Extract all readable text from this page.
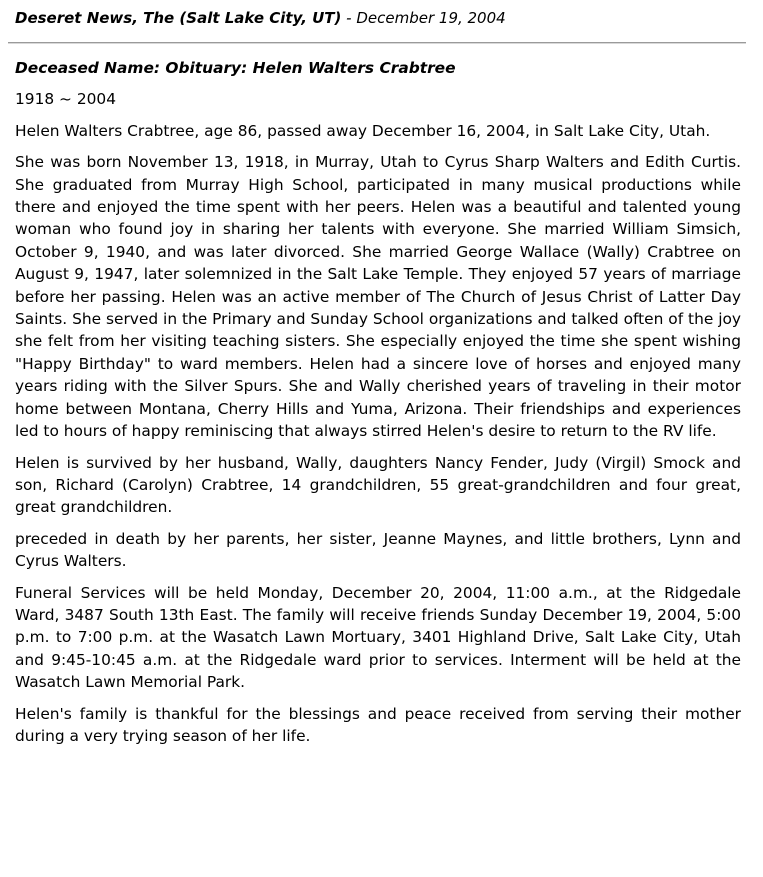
Deseret News, The (Salt Lake City, UT) - December 19, 2004
Deceased Name: Obituary: Helen Walters Crabtree
1918 ~ 2004
Helen Walters Crabtree, age 86, passed away December 16, 2004, in Salt Lake City, Utah.
She was born November 13, 1918, in Murray, Utah to Cyrus Sharp Walters and Edith Curtis. She graduated from Murray High School, participated in many musical productions while there and enjoyed the time spent with her peers. Helen was a beautiful and talented young woman who found joy in sharing her talents with everyone. She married William Simsich, October 9, 1940, and was later divorced. She married George Wallace (Wally) Crabtree on August 9, 1947, later solemnized in the Salt Lake Temple. They enjoyed 57 years of marriage before her passing. Helen was an active member of The Church of Jesus Christ of Latter Day Saints. She served in the Primary and Sunday School organizations and talked often of the joy she felt from her visiting teaching sisters. She especially enjoyed the time she spent wishing "Happy Birthday" to ward members. Helen had a sincere love of horses and enjoyed many years riding with the Silver Spurs. She and Wally cherished years of traveling in their motor home between Montana, Cherry Hills and Yuma, Arizona. Their friendships and experiences led to hours of happy reminiscing that always stirred Helen's desire to return to the RV life.
Helen is survived by her husband, Wally, daughters Nancy Fender, Judy (Virgil) Smock and son, Richard (Carolyn) Crabtree, 14 grandchildren, 55 great-grandchildren and four great, great grandchildren.
preceded in death by her parents, her sister, Jeanne Maynes, and little brothers, Lynn and Cyrus Walters.
Funeral Services will be held Monday, December 20, 2004, 11:00 a.m., at the Ridgedale Ward, 3487 South 13th East. The family will receive friends Sunday December 19, 2004, 5:00 p.m. to 7:00 p.m. at the Wasatch Lawn Mortuary, 3401 Highland Drive, Salt Lake City, Utah and 9:45-10:45 a.m. at the Ridgedale ward prior to services. Interment will be held at the Wasatch Lawn Memorial Park.
Helen's family is thankful for the blessings and peace received from serving their mother during a very trying season of her life.
